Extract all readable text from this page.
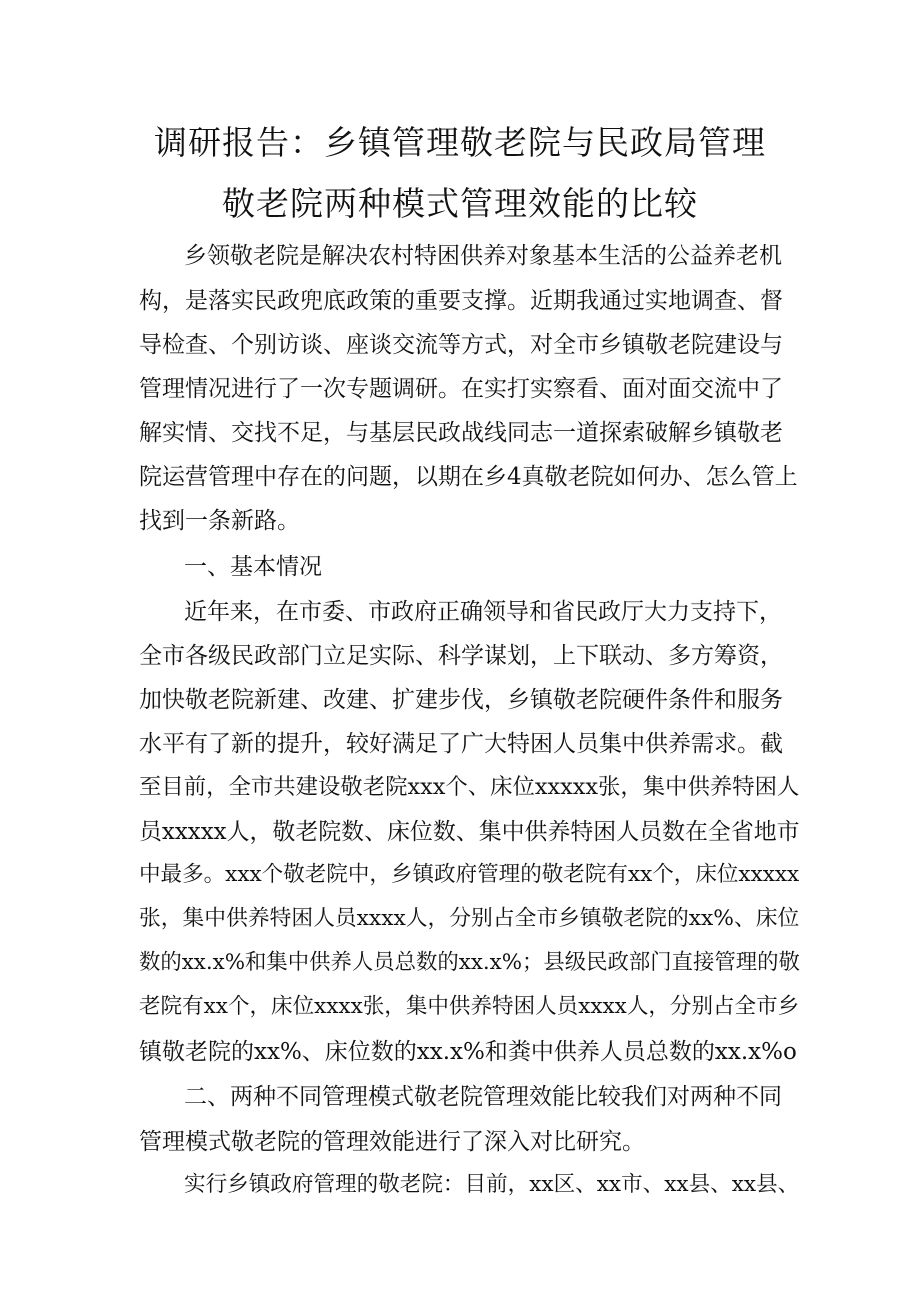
调研报告：乡镇管理敬老院与民政局管理
敬老院两种模式管理效能的比较
乡领敬老院是解决农村特困供养对象基本生活的公益养老机
构，是落实民政兜底政策的重要支撑。近期我通过实地调查、督
导检查、个别访谈、座谈交流等方式，对全市乡镇敬老院建设与
管理情况进行了一次专题调研。在实打实察看、面对面交流中了
解实情、交找不足，与基层民政战线同志一道探索破解乡镇敬老
院运营管理中存在的问题，以期在乡4真敬老院如何办、怎么管上
找到一条新路。
一、基本情况
近年来，在市委、市政府正确领导和省民政厅大力支持下，
全市各级民政部门立足实际、科学谋划，上下联动、多方筹资，
加快敬老院新建、改建、扩建步伐，乡镇敬老院硬件条件和服务
水平有了新的提升，较好满足了广大特困人员集中供养需求。截
至目前，全市共建设敬老院xxx个、床位xxxxx张，集中供养特困人
员xxxxx人，敬老院数、床位数、集中供养特困人员数在全省地市
中最多。xxx个敬老院中，乡镇政府管理的敬老院有xx个，床位xxxxx
张，集中供养特困人员xxxx人，分别占全市乡镇敬老院的xx%、床位
数的xx.x%和集中供养人员总数的xx.x%；县级民政部门直接管理的敬
老院有xx个，床位xxxx张，集中供养特困人员xxxx人，分别占全市乡
镇敬老院的xx%、床位数的xx.x%和粪中供养人员总数的xx.x%o
二、两种不同管理模式敬老院管理效能比较我们对两种不同
管理模式敬老院的管理效能进行了深入对比研究。
实行乡镇政府管理的敬老院：目前，xx区、xx市、xx县、xx县、
